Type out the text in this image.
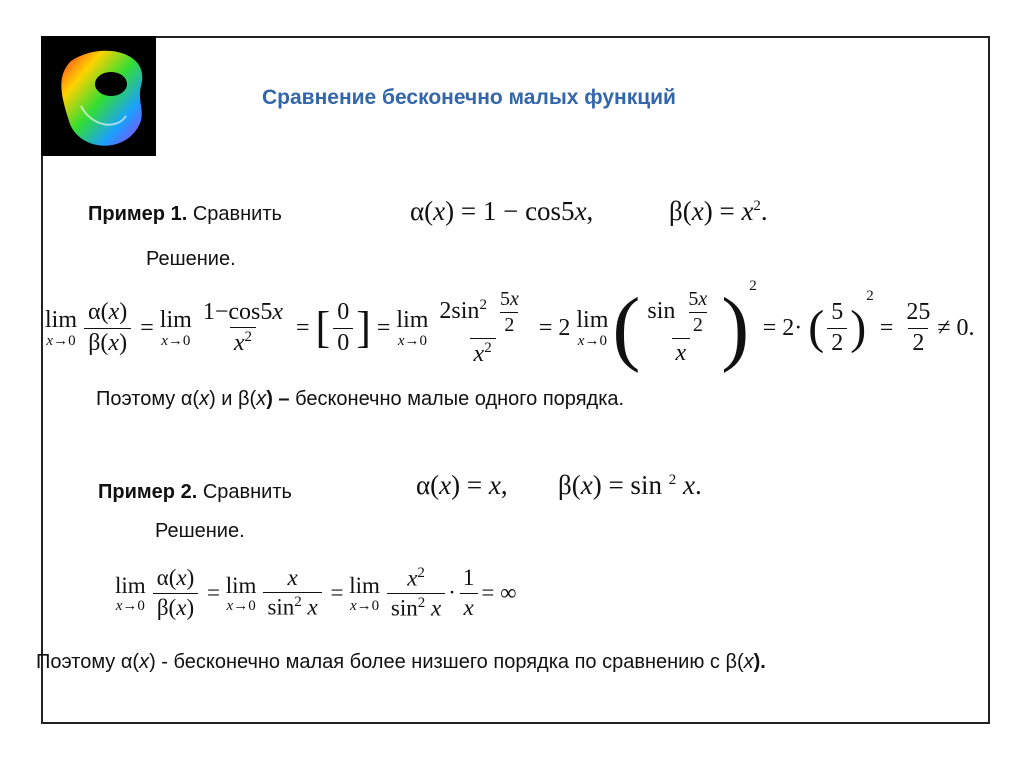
Сравнение бесконечно малых функций
Пример 1. Сравнить	α(x) = 1 − cos5x,	$\beta(x) = x^2$.
Решение.
lim
$x\to 0 \frac{\alpha(x)}{\beta(x)} = \lim$
$x\to 0 \frac{1-\cos 5x}{x^2}$ = [ $\frac{0}{0}$ ] = lim
$x\to 0 \frac{2\sin^2 \frac{5x}{2}}{x^2} = 2$ lim
x→0 ( $\frac{\sin \frac{5x}{2}}{x} )^2$
= 2· ( $\frac{5}{2}$ )
$^2$
= $\frac{25}{2} \ne 0$.
Поэтому α(x) и β(x) – бесконечно малые одного порядка.
Пример 2. Сравнить	α(x) = x, β(x) = sin $^2$ x.
Решение.
lim
$x\to 0 \frac{\alpha(x)}{\beta(x)} = \lim$
$x\to 0 \frac{x}{\sin^2 x} = \lim$
$x\to 0 \frac{x^2}{\sin^2 x} \cdot \frac{1}{x}$ = ∞
Поэтому α(x) - бесконечно малая более низшего порядка по сравнению с β(x).
